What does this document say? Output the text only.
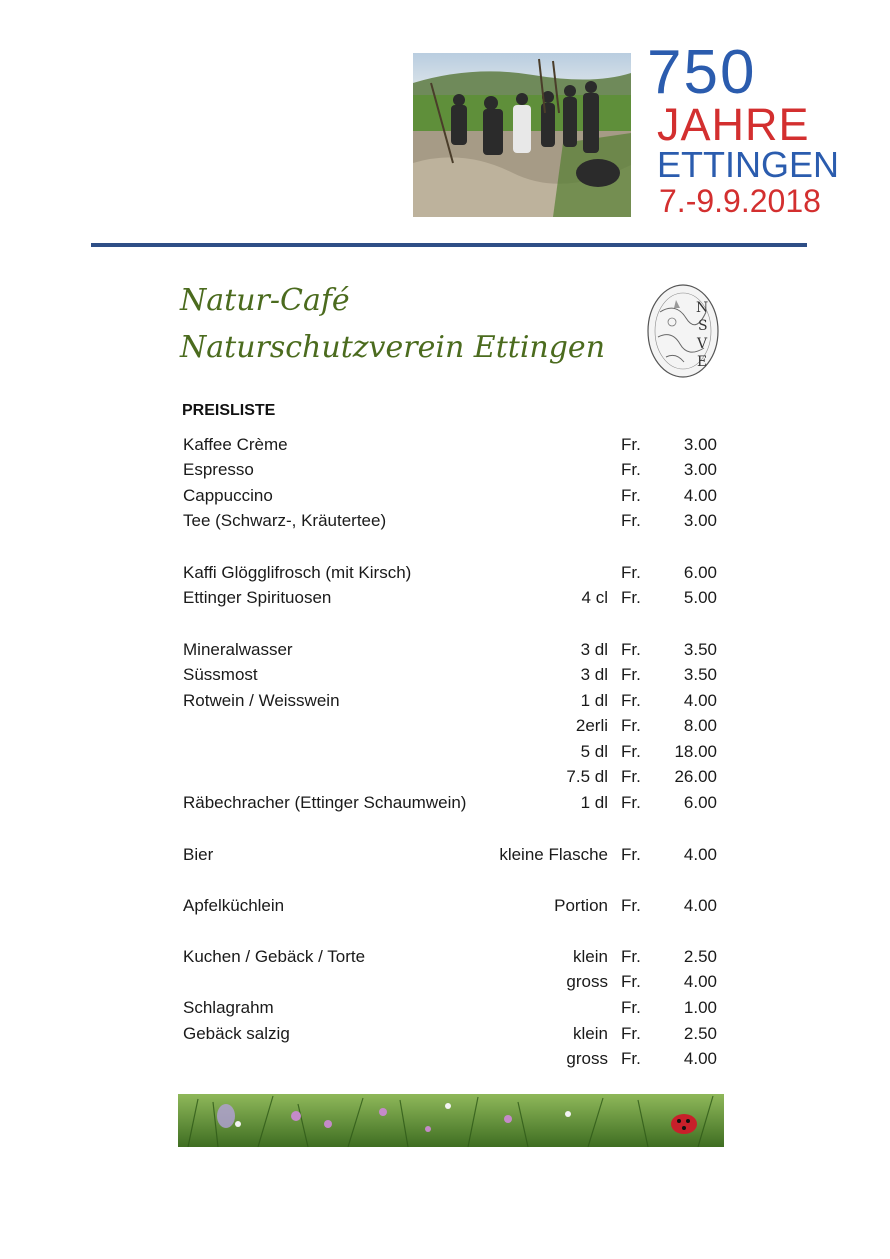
750
JAHRE
ETTINGEN
7.-9.9.2018
Natur-Café
Naturschutzverein Ettingen
N
S
V
E
PREISLISTE
Kaffee Crème	Fr.	3.00
Espresso	Fr.	3.00
Cappuccino	Fr.	4.00
Tee (Schwarz-, Kräutertee)	Fr.	3.00
Kaffi Glögglifrosch (mit Kirsch)	Fr.	6.00
Ettinger Spirituosen	4 cl Fr.	5.00
Mineralwasser	3 dl Fr.	3.50
Süssmost	3 dl Fr.	3.50
Rotwein / Weisswein	1 dl Fr.	4.00
2erli Fr.	8.00
5 dl Fr. 18.00
7.5 dl Fr. 26.00
Räbechracher (Ettinger Schaumwein)	1 dl Fr.	6.00
Bier	kleine Flasche Fr.	4.00
Apfelküchlein	Portion Fr.	4.00
Kuchen / Gebäck / Torte	klein Fr.	2.50
gross Fr.	4.00
Schlagrahm	Fr.	1.00
Gebäck salzig	klein Fr.	2.50
gross Fr.	4.00
